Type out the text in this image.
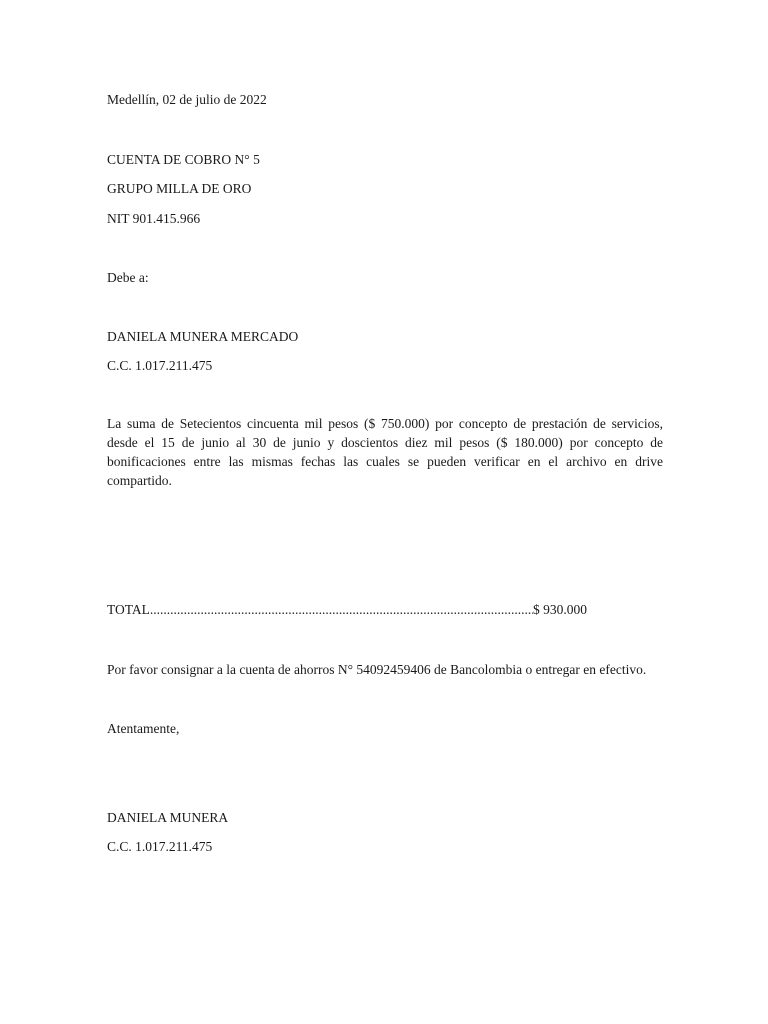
Medellín, 02 de julio de 2022
CUENTA DE COBRO N° 5
GRUPO MILLA DE ORO
NIT 901.415.966
Debe a:
DANIELA MUNERA MERCADO
C.C. 1.017.211.475
La suma de Setecientos cincuenta mil pesos ($ 750.000) por concepto de prestación de servicios, desde el 15 de junio al 30 de junio y doscientos diez mil pesos ($ 180.000) por concepto de bonificaciones entre las mismas fechas las cuales se pueden verificar en el archivo en drive compartido.
TOTAL
.....	$ 930.000
Por favor consignar a la cuenta de ahorros N° 54092459406 de Bancolombia o entregar en efectivo.
Atentamente,
DANIELA MUNERA
C.C. 1.017.211.475
